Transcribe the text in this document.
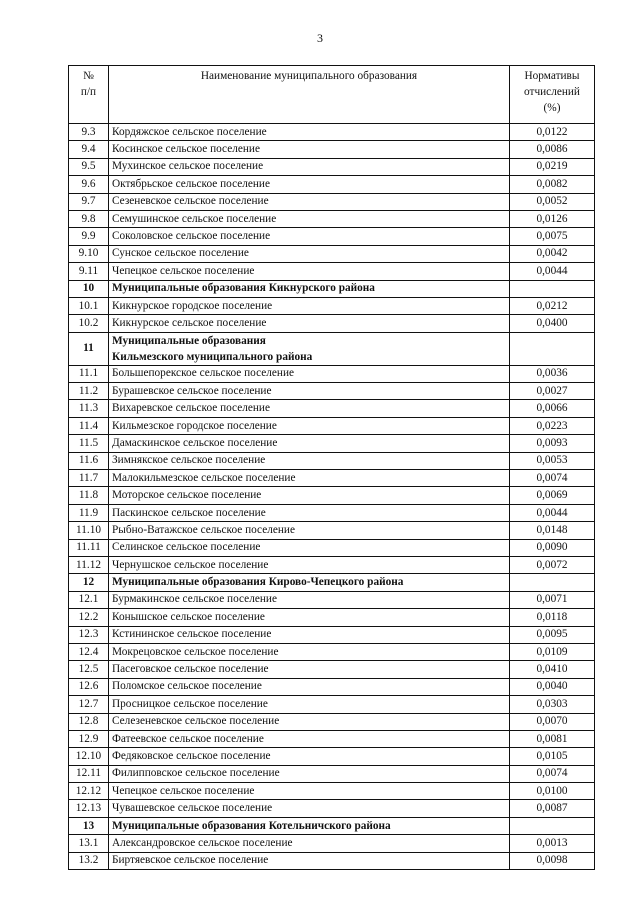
3
№
п/п	Наименование муниципального образования	Нормативы
отчислений
(%)

9.3	Кордяжское сельское поселение	0,0122
9.4	Косинское сельское поселение	0,0086
9.5	Мухинское сельское поселение	0,0219
9.6	Октябрьское сельское поселение	0,0082
9.7	Сезеневское сельское поселение	0,0052
9.8	Семушинское сельское поселение	0,0126
9.9	Соколовское сельское поселение	0,0075
9.10	Сунское сельское поселение	0,0042
9.11	Чепецкое сельское поселение	0,0044
10	Муниципальные образования Кикнурского района	
10.1	Кикнурское городское поселение	0,0212
10.2	Кикнурское сельское поселение	0,0400
11	Муниципальные образования
Кильмезского муниципального района	

11.1	Большепорекское сельское поселение	0,0036
11.2	Бурашевское сельское поселение	0,0027
11.3	Вихаревское сельское поселение	0,0066
11.4	Кильмезское городское поселение	0,0223
11.5	Дамаскинское сельское поселение	0,0093
11.6	Зимнякское сельское поселение	0,0053
11.7	Малокильмезское сельское поселение	0,0074
11.8	Моторское сельское поселение	0,0069
11.9	Паскинское сельское поселение	0,0044
11.10	Рыбно-Ватажское сельское поселение	0,0148
11.11	Селинское сельское поселение	0,0090
11.12	Чернушское сельское поселение	0,0072
12	Муниципальные образования Кирово-Чепецкого района	
12.1	Бурмакинское сельское поселение	0,0071
12.2	Конышское сельское поселение	0,0118
12.3	Кстининское сельское поселение	0,0095
12.4	Мокрецовское сельское поселение	0,0109
12.5	Пасеговское сельское поселение	0,0410
12.6	Поломское сельское поселение	0,0040
12.7	Просницкое сельское поселение	0,0303
12.8	Селезеневское сельское поселение	0,0070
12.9	Фатеевское сельское поселение	0,0081
12.10	Федяковское сельское поселение	0,0105
12.11	Филипповское сельское поселение	0,0074
12.12	Чепецкое сельское поселение	0,0100
12.13	Чувашевское сельское поселение	0,0087
13	Муниципальные образования Котельничского района	
13.1	Александровское сельское поселение	0,0013
13.2	Биртяевское сельское поселение	0,0098
